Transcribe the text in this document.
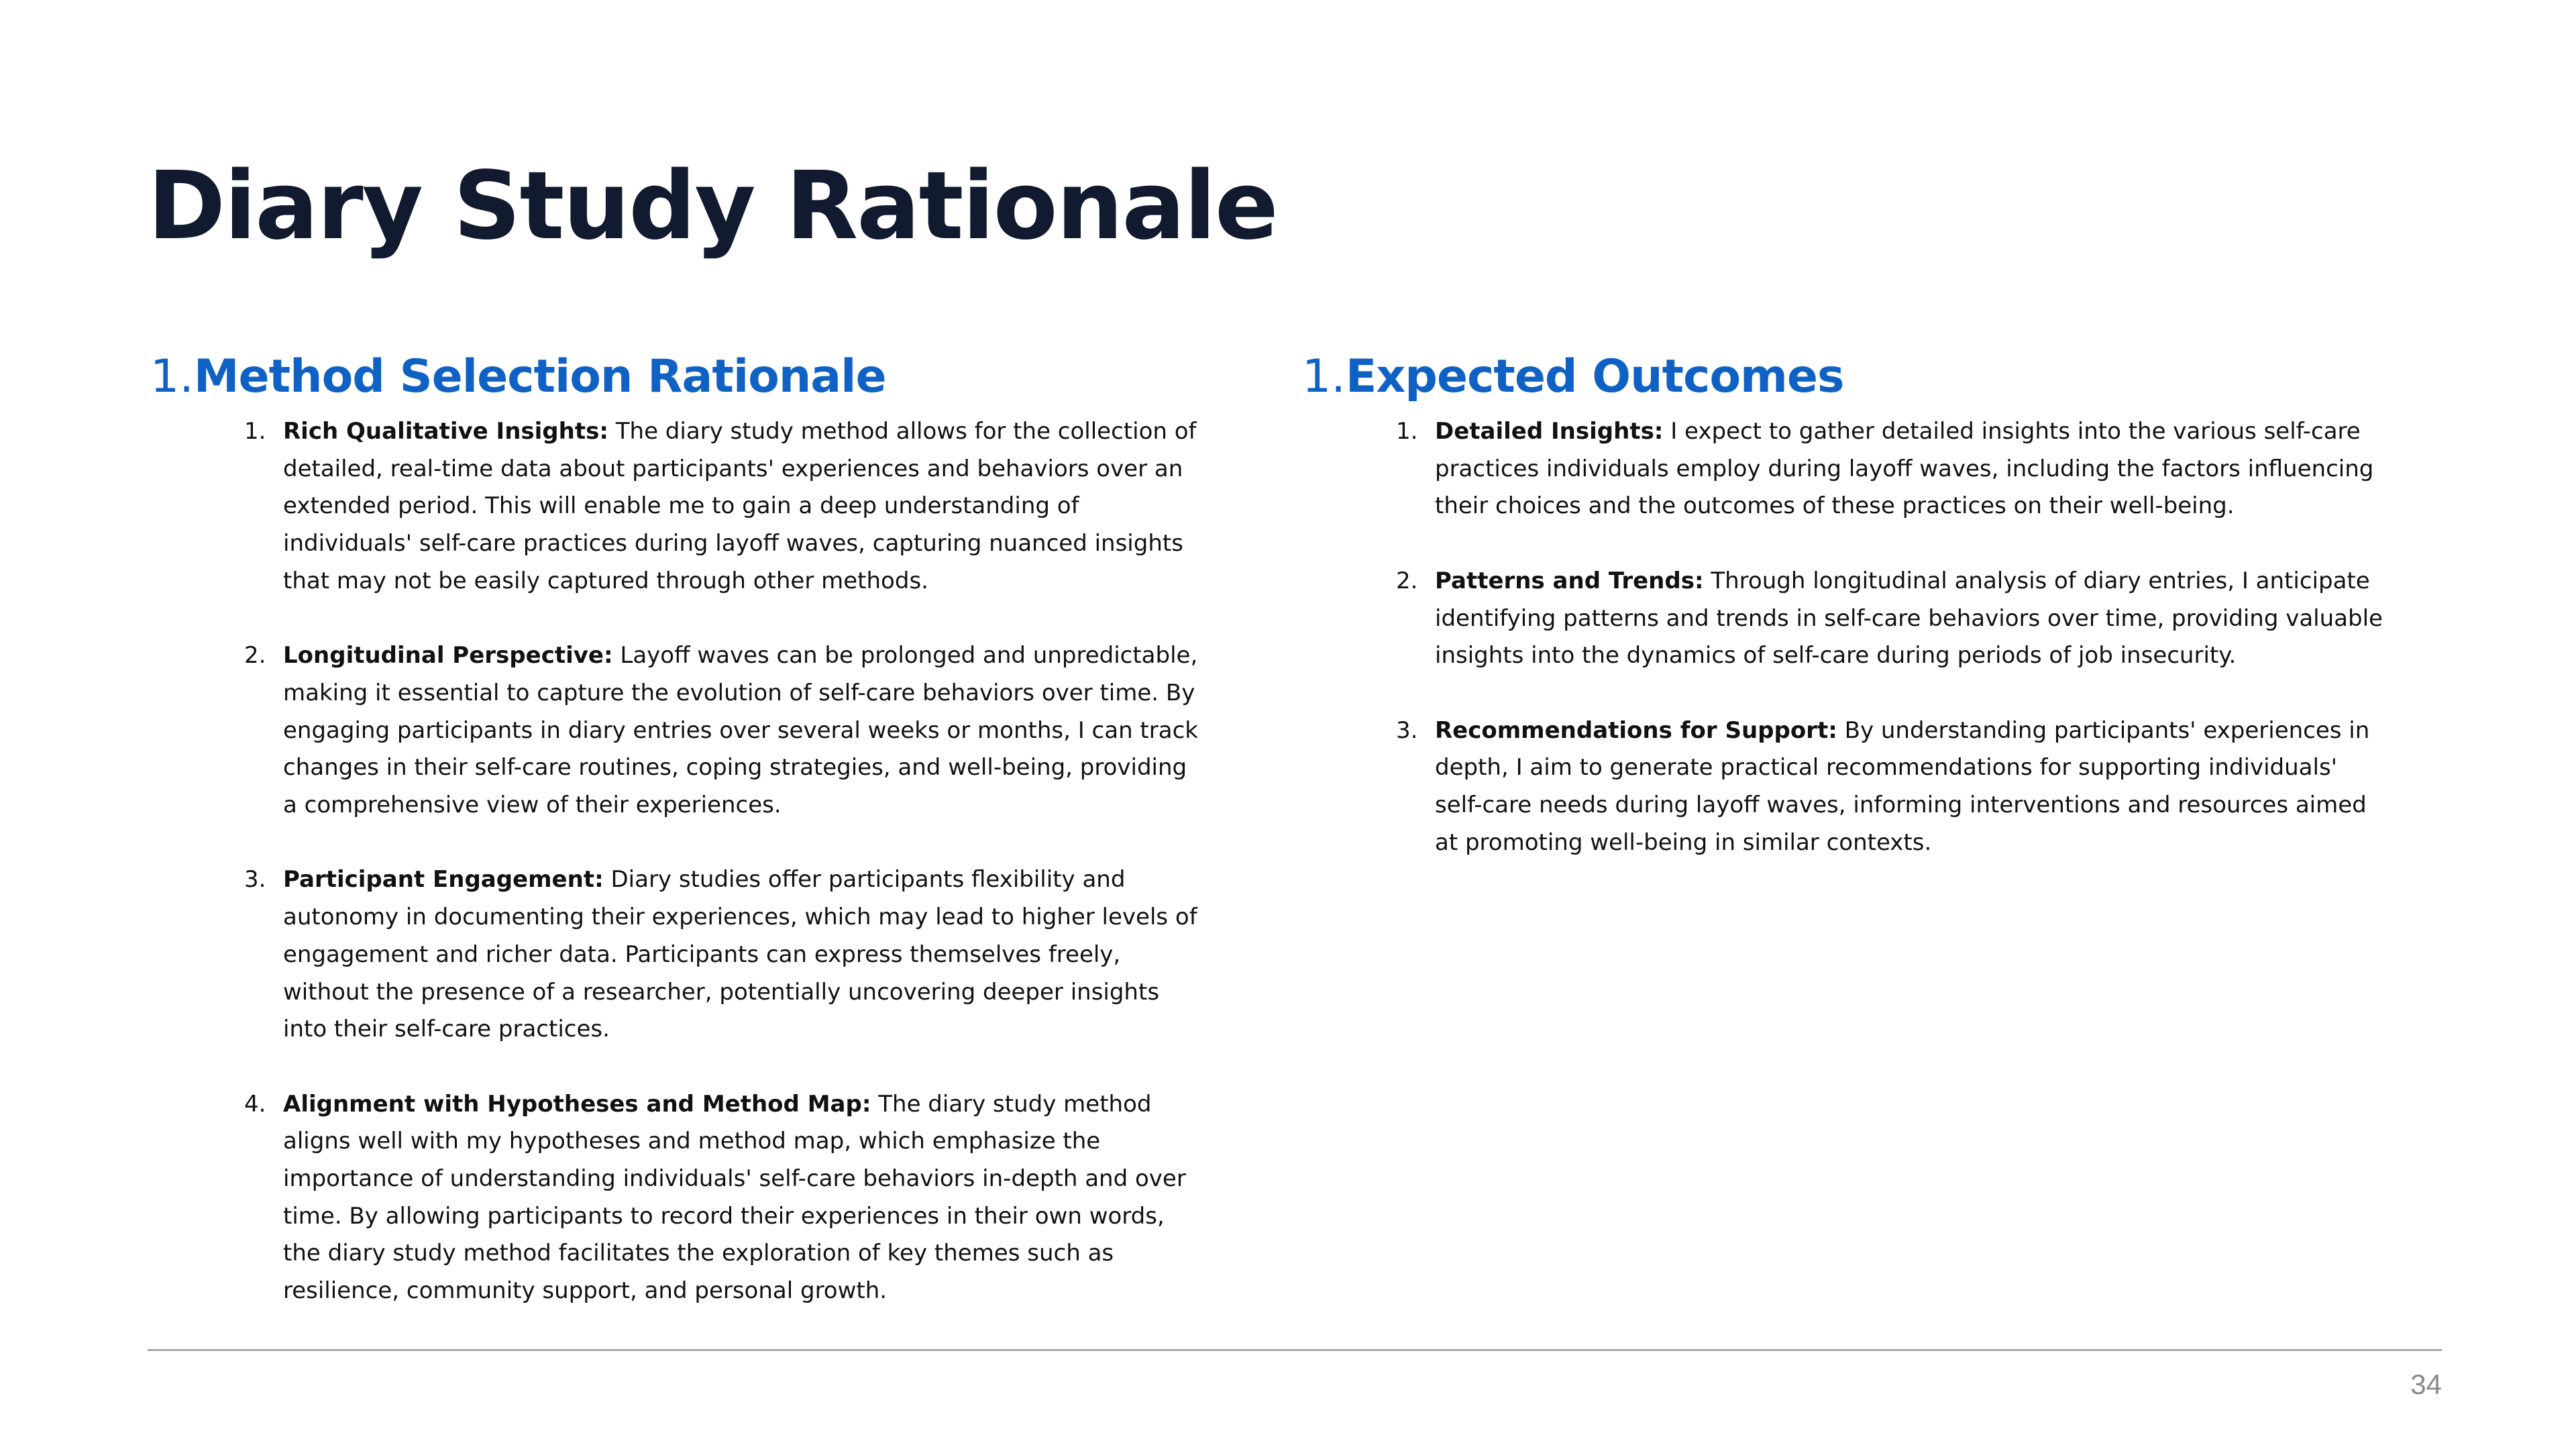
Diary Study Rationale
1.Method Selection Rationale
1. Rich Qualitative Insights: The diary study method allows for the collection of detailed, real-time data about participants' experiences and behaviors over an extended period. This will enable me to gain a deep understanding of individuals' self-care practices during layoff waves, capturing nuanced insights that may not be easily captured through other methods.
2. Longitudinal Perspective: Layoff waves can be prolonged and unpredictable, making it essential to capture the evolution of self-care behaviors over time. By engaging participants in diary entries over several weeks or months, I can track changes in their self-care routines, coping strategies, and well-being, providing a comprehensive view of their experiences.
3. Participant Engagement: Diary studies offer participants flexibility and autonomy in documenting their experiences, which may lead to higher levels of engagement and richer data. Participants can express themselves freely, without the presence of a researcher, potentially uncovering deeper insights into their self-care practices.
4. Alignment with Hypotheses and Method Map: The diary study method aligns well with my hypotheses and method map, which emphasize the importance of understanding individuals' self-care behaviors in-depth and over time. By allowing participants to record their experiences in their own words, the diary study method facilitates the exploration of key themes such as resilience, community support, and personal growth.
1.Expected Outcomes
1. Detailed Insights: I expect to gather detailed insights into the various self-care practices individuals employ during layoff waves, including the factors influencing their choices and the outcomes of these practices on their well-being.
2. Patterns and Trends: Through longitudinal analysis of diary entries, I anticipate identifying patterns and trends in self-care behaviors over time, providing valuable insights into the dynamics of self-care during periods of job insecurity.
3. Recommendations for Support: By understanding participants' experiences in depth, I aim to generate practical recommendations for supporting individuals' self-care needs during layoff waves, informing interventions and resources aimed at promoting well-being in similar contexts.
34
